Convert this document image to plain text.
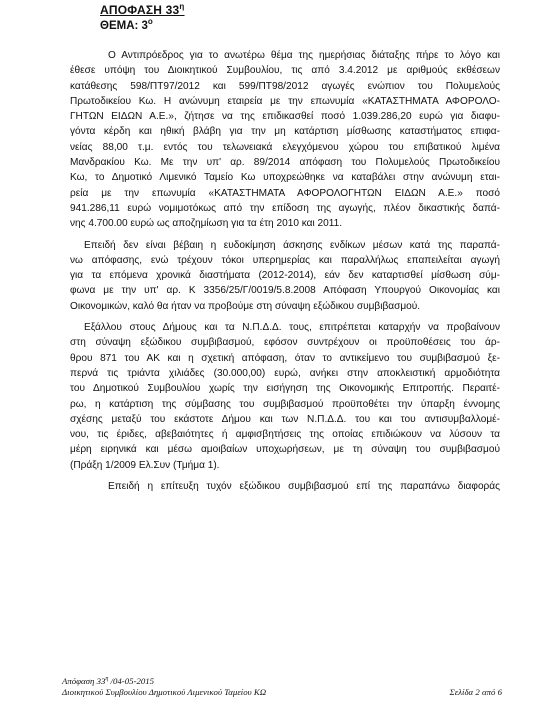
ΑΠΟΦΑΣΗ $33^\eta$
ΘΕΜΑ: $3^o$
Ο Αντιπρόεδρος για το ανωτέρω θέμα της ημερήσιας διάταξης πήρε το λόγο και
έθεσε υπόψη του Διοικητικού Συμβουλίου, τις από 3.4.2012 με αριθμούς εκθέσεων
κατάθεσης 598/ΠΤ97/2012 και 599/ΠΤ98/2012 αγωγές ενώπιον του Πολυμελούς
Πρωτοδικείου Κω. Η ανώνυμη εταιρεία με την επωνυμία «ΚΑΤΑΣΤΗΜΑΤΑ ΑΦΟΡΟΛΟ-
ΓΗΤΩΝ ΕΙΔΩΝ Α.Ε.», ζήτησε να της επιδικασθεί ποσό 1.039.286,20 ευρώ για διαφυ-
γόντα κέρδη και ηθική βλάβη για την μη κατάρτιση μίσθωσης καταστήματος επιφα-
νείας 88,00 τ.μ. εντός του τελωνειακά ελεγχόμενου χώρου του επιβατικού λιμένα
Μανδρακίου Κω. Με την υπ' αρ. 89/2014 απόφαση του Πολυμελούς Πρωτοδικείου
Κω, το Δημοτικό Λιμενικό Ταμείο Κω υποχρεώθηκε να καταβάλει στην ανώνυμη εται-
ρεία με την επωνυμία «ΚΑΤΑΣΤΗΜΑΤΑ ΑΦΟΡΟΛΟΓΗΤΩΝ ΕΙΔΩΝ Α.Ε.» ποσό
941.286,11 ευρώ νομιμοτόκως από την επίδοση της αγωγής, πλέον δικαστικής δαπά-
νης 4.700.00 ευρώ ως αποζημίωση για τα έτη 2010 και 2011.
Επειδή δεν είναι βέβαιη η ευδοκίμηση άσκησης ενδίκων μέσων κατά της παραπά-
νω απόφασης, ενώ τρέχουν τόκοι υπερημερίας και παραλλήλως επαπειλείται αγωγή
για τα επόμενα χρονικά διαστήματα (2012-2014), εάν δεν καταρτισθεί μίσθωση σύμ-
φωνα με την υπ' αρ. Κ 3356/25/Γ/0019/5.8.2008 Απόφαση Υπουργού Οικονομίας και
Οικονομικών, καλό θα ήταν να προβούμε στη σύναψη εξώδικου συμβιβασμού.
Εξάλλου στους Δήμους και τα Ν.Π.Δ.Δ. τους, επιτρέπεται καταρχήν να προβαίνουν
στη σύναψη εξώδικου συμβιβασμού, εφόσον συντρέχουν οι προϋποθέσεις του άρ-
θρου 871 του ΑΚ και η σχετική απόφαση, όταν το αντικείμενο του συμβιβασμού ξε-
περνά τις τριάντα χιλιάδες (30.000,00) ευρώ, ανήκει στην αποκλειστική αρμοδιότητα
του Δημοτικού Συμβουλίου χωρίς την εισήγηση της Οικονομικής Επιτροπής. Περαιτέ-
ρω, η κατάρτιση της σύμβασης του συμβιβασμού προϋποθέτει την ύπαρξη έννομης
σχέσης μεταξύ του εκάστοτε Δήμου και των Ν.Π.Δ.Δ. του και του αντισυμβαλλομέ-
νου, τις έριδες, αβεβαιότητες ή αμφισβητήσεις της οποίας επιδιώκουν να λύσουν τα
μέρη ειρηνικά και μέσω αμοιβαίων υποχωρήσεων, με τη σύναψη του συμβιβασμού
(Πράξη 1/2009 Ελ.Συν (Τμήμα 1).
Επειδή η επίτευξη τυχόν εξώδικου συμβιβασμού επί της παραπάνω διαφοράς
Απόφαση $33^\eta$ /04-05-2015
Διοικητικού Συμβουλίου Δημοτικού Λιμενικού Ταμείου ΚΩ	Σελίδα 2 από 6
